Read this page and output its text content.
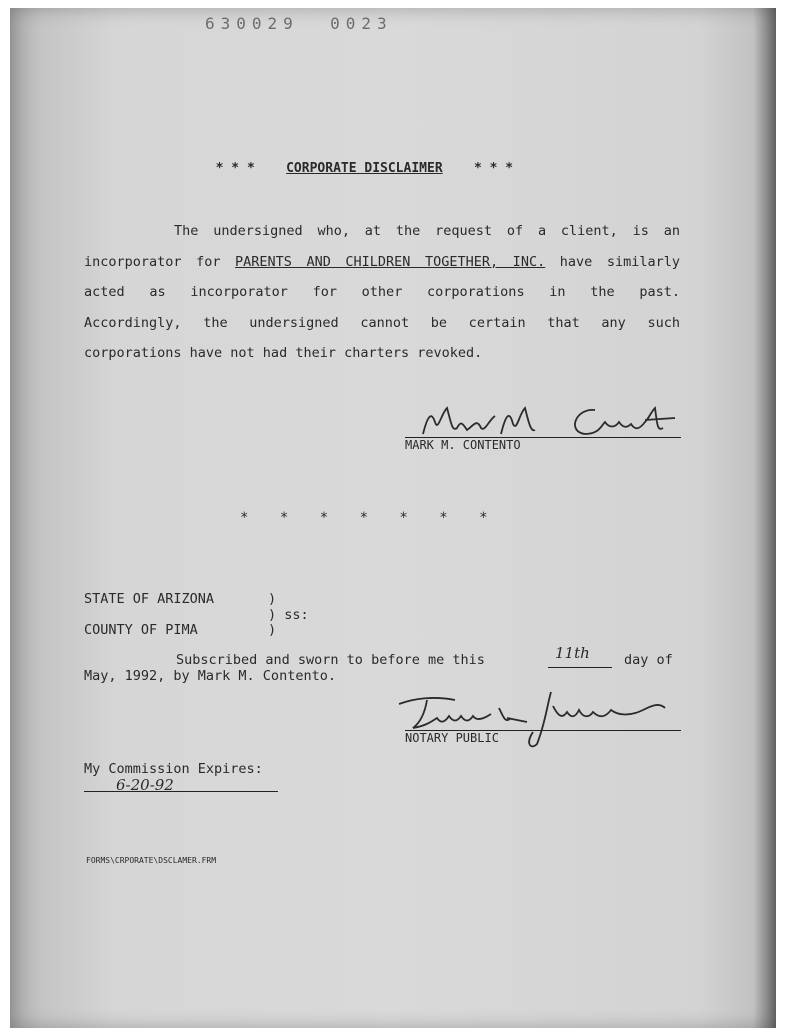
630029  0023

* * * CORPORATE DISCLAIMER * * *

The undersigned who, at the request of a client, is an
incorporator for PARENTS AND CHILDREN TOGETHER, INC. have similarly
acted as incorporator for other corporations in the past.
Accordingly, the undersigned cannot be certain that any such
corporations have not had their charters revoked.
MARK M. CONTENTO
* * * * * * *
STATE OF ARIZONA	)
) ss:
COUNTY OF PIMA	)
Subscribed and sworn to before me this	11th	day of
May, 1992, by Mark M. Contento.
NOTARY PUBLIC
My Commission Expires:
6-20-92
FORMS\CRPORATE\DSCLAMER.FRM
